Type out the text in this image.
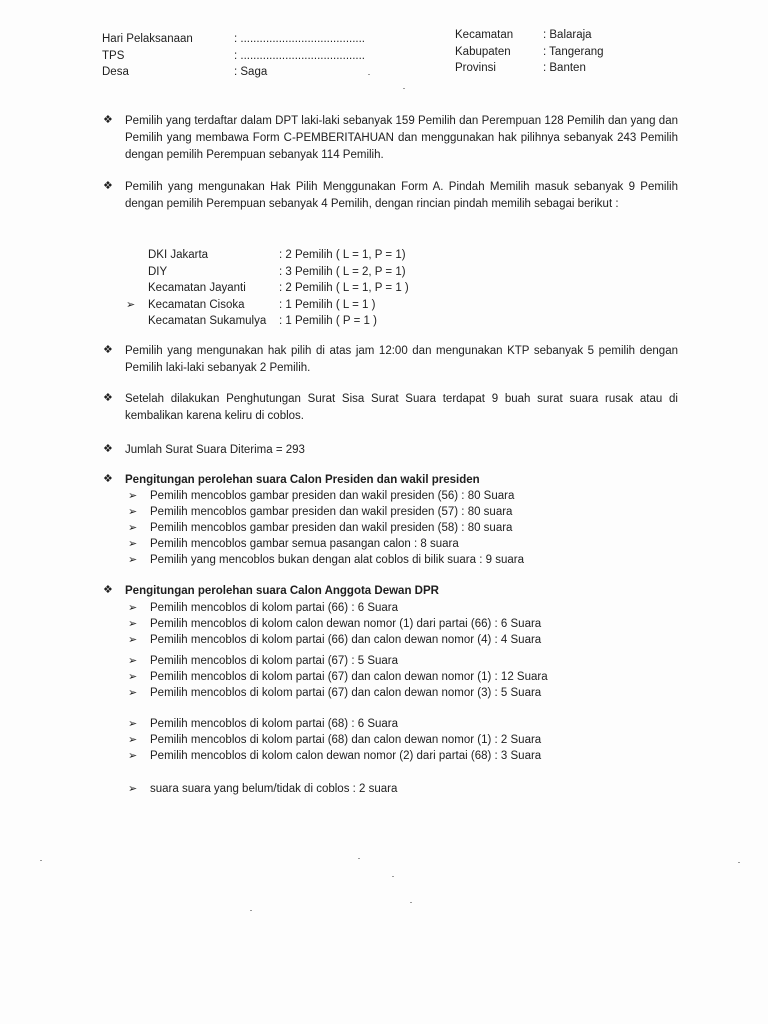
Hari Pelaksanaan	: .......................................
TPS	: .......................................
Desa	: Saga
Kecamatan	: Balaraja
Kabupaten	: Tangerang
Provinsi	: Banten
❖ Pemilih yang terdaftar dalam DPT laki-laki sebanyak 159 Pemilih dan Perempuan 128 Pemilih dan yang dan Pemilih yang membawa Form C-PEMBERITAHUAN dan menggunakan hak pilihnya sebanyak 243 Pemilih dengan pemilih Perempuan sebanyak 114 Pemilih.
❖ Pemilih yang mengunakan Hak Pilih Menggunakan Form A. Pindah Memilih masuk sebanyak 9 Pemilih dengan pemilih Perempuan sebanyak 4 Pemilih, dengan rincian pindah memilih sebagai berikut :
DKI Jakarta	: 2 Pemilih ( L = 1, P = 1)
DIY	: 3 Pemilih ( L = 2, P = 1)
Kecamatan Jayanti	: 2 Pemilih ( L = 1, P = 1 )
➢ Kecamatan Cisoka	: 1 Pemilih ( L = 1 )
Kecamatan Sukamulya	: 1 Pemilih ( P = 1 )
❖ Pemilih yang mengunakan hak pilih di atas jam 12:00 dan mengunakan KTP sebanyak 5 pemilih dengan Pemilih laki-laki sebanyak 2 Pemilih.
❖ Setelah dilakukan Penghutungan Surat Sisa Surat Suara terdapat 9 buah surat suara rusak atau di kembalikan karena keliru di coblos.
❖ Jumlah Surat Suara Diterima = 293
❖ Pengitungan perolehan suara Calon Presiden dan wakil presiden
➢ Pemilih mencoblos gambar presiden dan wakil presiden (56) : 80 Suara
➢ Pemilih mencoblos gambar presiden dan wakil presiden (57) : 80 suara
➢ Pemilih mencoblos gambar presiden dan wakil presiden (58) : 80 suara
➢ Pemilih mencoblos gambar semua pasangan calon : 8 suara
➢ Pemilih yang mencoblos bukan dengan alat coblos di bilik suara : 9 suara
❖ Pengitungan perolehan suara Calon Anggota Dewan DPR
➢ Pemilih mencoblos di kolom partai (66) : 6 Suara
➢ Pemilih mencoblos di kolom calon dewan nomor (1) dari partai (66) : 6 Suara
➢ Pemilih mencoblos di kolom partai (66) dan calon dewan nomor (4) : 4 Suara
➢ Pemilih mencoblos di kolom partai (67) : 5 Suara
➢ Pemilih mencoblos di kolom partai (67) dan calon dewan nomor (1) : 12 Suara
➢ Pemilih mencoblos di kolom partai (67) dan calon dewan nomor (3) : 5 Suara
➢ Pemilih mencoblos di kolom partai (68) : 6 Suara
➢ Pemilih mencoblos di kolom partai (68) dan calon dewan nomor (1) : 2 Suara
➢ Pemilih mencoblos di kolom calon dewan nomor (2) dari partai (68) : 3 Suara
➢ suara suara yang belum/tidak di coblos : 2 suara
